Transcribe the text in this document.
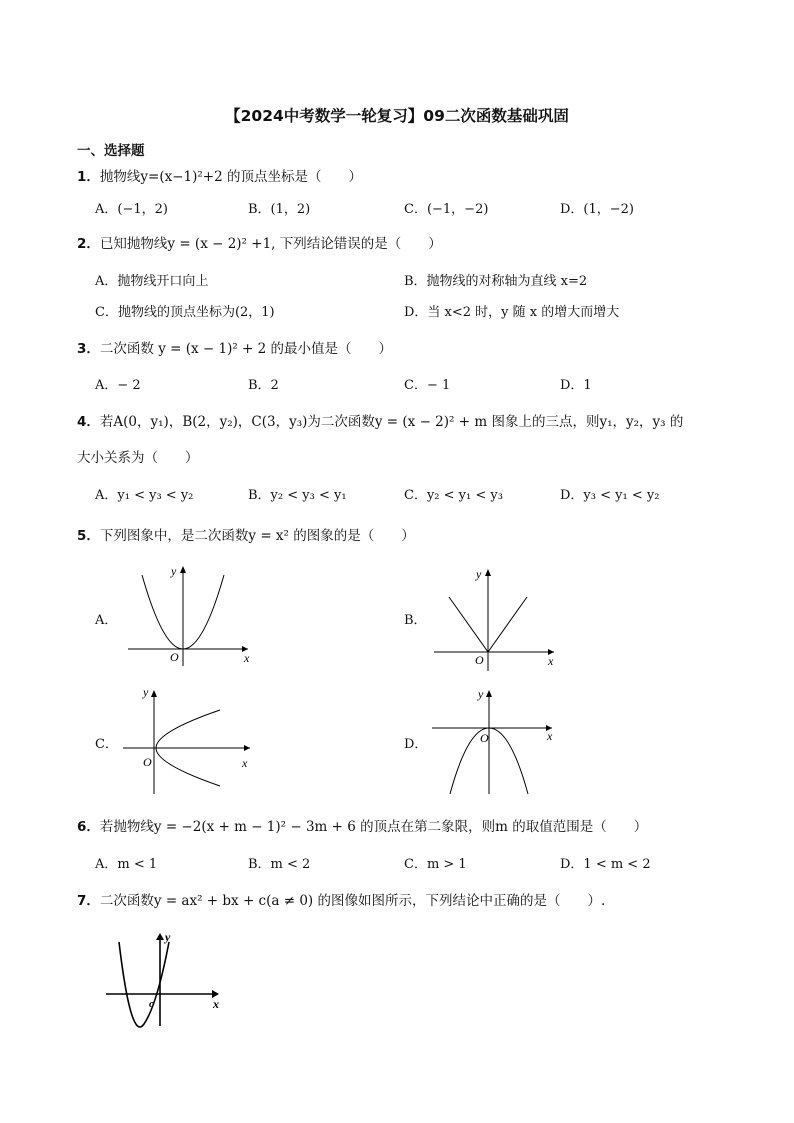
【2024中考数学一轮复习】09二次函数基础巩固
一、选择题
1．抛物线y=(x−1)²+2 的顶点坐标是（　　）
A．(−1，2)	B．(1，2)	C．(−1，−2)	D．(1，−2)
2．已知抛物线y = (x − 2)² +1, 下列结论错误的是（　　）
A．抛物线开口向上	B．抛物线的对称轴为直线 x=2
C．抛物线的顶点坐标为(2，1)	D．当 x<2 时，y 随 x 的增大而增大
3．二次函数 y = (x − 1)² + 2 的最小值是（　　）
A．− 2	B．2	C．− 1	D．1
4．若A(0，y₁)，B(2，y₂)，C(3，y₃)为二次函数y = (x − 2)² + m 图象上的三点，则y₁，y₂，y₃ 的
大小关系为（　　）
A．y₁ < y₃ < y₂	B．y₂ < y₃ < y₁	C．y₂ < y₁ < y₃	D．y₃ < y₁ < y₂
5．下列图象中，是二次函数y = x² 的图象的是（　　）
A．	B．
C．	D．
y
x
O
y
x
O
y
x
O
y
x
O
6．若抛物线y = −2(x + m − 1)² − 3m + 6 的顶点在第二象限，则m 的取值范围是（　　）
A．m < 1	B．m < 2	C．m > 1	D．1 < m < 2
7．二次函数y = ax² + bx + c(a ≠ 0) 的图像如图所示，下列结论中正确的是（　　）.
y
x
o
